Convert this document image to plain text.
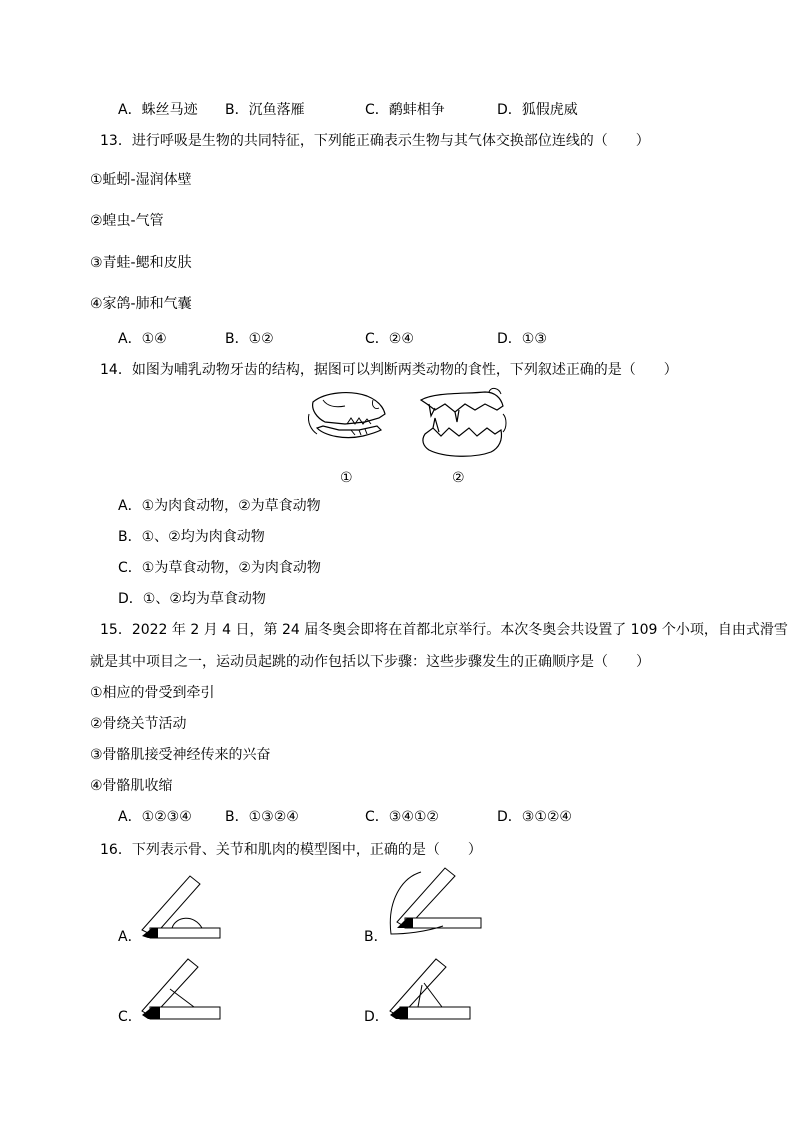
A．蛛丝马迹 B．沉鱼落雁	C．鹬蚌相争	D．狐假虎威
13．进行呼吸是生物的共同特征，下列能正确表示生物与其气体交换部位连线的（　　）
①蚯蚓-湿润体壁
②蝗虫-气管
③青蛙-鳃和皮肤
④家鸽-肺和气囊
A．①④	B．①②	C．②④	D．①③
14．如图为哺乳动物牙齿的结构，据图可以判断两类动物的食性，下列叙述正确的是（　　）
①	②
A．①为肉食动物，②为草食动物
B．①、②均为肉食动物
C．①为草食动物，②为肉食动物
D．①、②均为草食动物
15．2022 年 2 月 4 日，第 24 届冬奥会即将在首都北京举行。本次冬奥会共设置了 109 个小项，自由式滑雪
就是其中项目之一，运动员起跳的动作包括以下步骤：这些步骤发生的正确顺序是（　　）
①相应的骨受到牵引
②骨绕关节活动
③骨骼肌接受神经传来的兴奋
④骨骼肌收缩
A．①②③④ B．①③②④	C．③④①②	D．③①②④
16．下列表示骨、关节和肌肉的模型图中，正确的是（　　）
A．	B．
C．	D．
